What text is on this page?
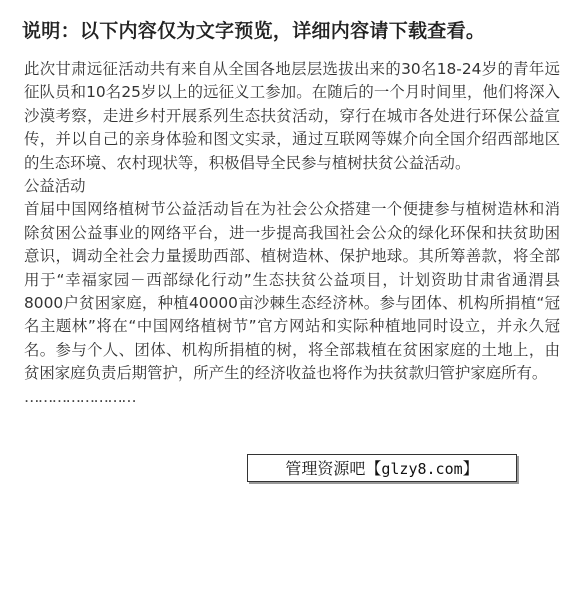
说明：以下内容仅为文字预览，详细内容请下载查看。

此次甘肃远征活动共有来自从全国各地层层选拔出来的30名18-24岁的青年远征队员和10名25岁以上的远征义工参加。在随后的一个月时间里，他们将深入沙漠考察，走进乡村开展系列生态扶贫活动，穿行在城市各处进行环保公益宣传，并以自己的亲身体验和图文实录，通过互联网等媒介向全国介绍西部地区的生态环境、农村现状等，积极倡导全民参与植树扶贫公益活动。

公益活动

首届中国网络植树节公益活动旨在为社会公众搭建一个便捷参与植树造林和消除贫困公益事业的网络平台，进一步提高我国社会公众的绿化环保和扶贫助困意识，调动全社会力量援助西部、植树造林、保护地球。其所筹善款，将全部用于“幸福家园－西部绿化行动”生态扶贫公益项目，计划资助甘肃省通渭县8000户贫困家庭，种植40000亩沙棘生态经济林。参与团体、机构所捐植“冠名主题林”将在“中国网络植树节”官方网站和实际种植地同时设立，并永久冠名。参与个人、团体、机构所捐植的树，将全部栽植在贫困家庭的土地上，由贫困家庭负责后期管护，所产生的经济收益也将作为扶贫款归管护家庭所有。

……………………

管理资源吧【glzy8.com】
